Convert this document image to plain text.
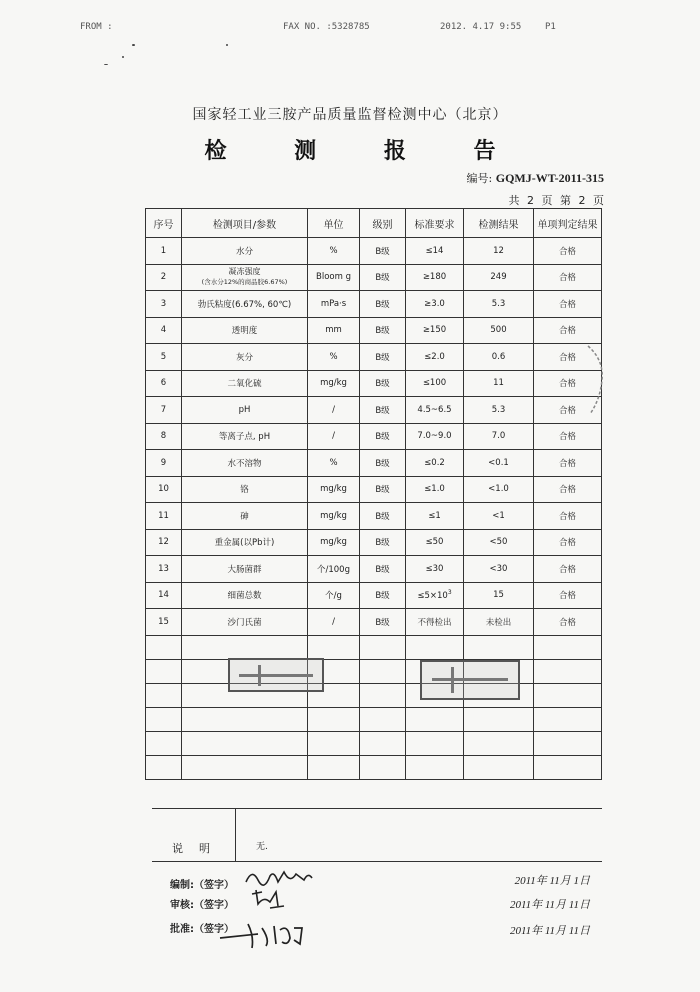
FROM :	FAX NO. :5328785	2012. 4.17 9:55	P1
国家轻工业三胺产品质量监督检测中心（北京）
检 测 报 告
编号: GQMJ-WT-2011-315
共 2 页 第 2 页
序号	检测项目/参数	单位	级别	标准要求	检测结果	单项判定结果
1	水分	%	B级	≤14	12	合格
2	凝冻强度
(含水分12%的商品胶6.67%)	Bloom g	B级	≥180	249	合格
3	勃氏粘度(6.67%, 60℃)	mPa·s	B级	≥3.0	5.3	合格
4	透明度	mm	B级	≥150	500	合格
5	灰分	%	B级	≤2.0	0.6	合格
6	二氧化硫	mg/kg	B级	≤100	11	合格
7	pH	/	B级	4.5~6.5	5.3	合格
8	等离子点, pH	/	B级	7.0~9.0	7.0	合格
9	水不溶物	%	B级	≤0.2	<0.1	合格
10	铬	mg/kg	B级	≤1.0	<1.0	合格
11	砷	mg/kg	B级	≤1	<1	合格
12	重金属(以Pb计)	mg/kg	B级	≤50	<50	合格
13	大肠菌群	个/100g	B级	≤30	<30	合格
14	细菌总数	个/g	B级	$\le 5\times 10^3$	15	合格
15	沙门氏菌	/	B级	不得检出	未检出	合格

说明	无.
编制:（签字）
审核:（签字）
批准:（签字）
2011年 11月 1日
2011年 11月 11日
2011年 11月 11日
